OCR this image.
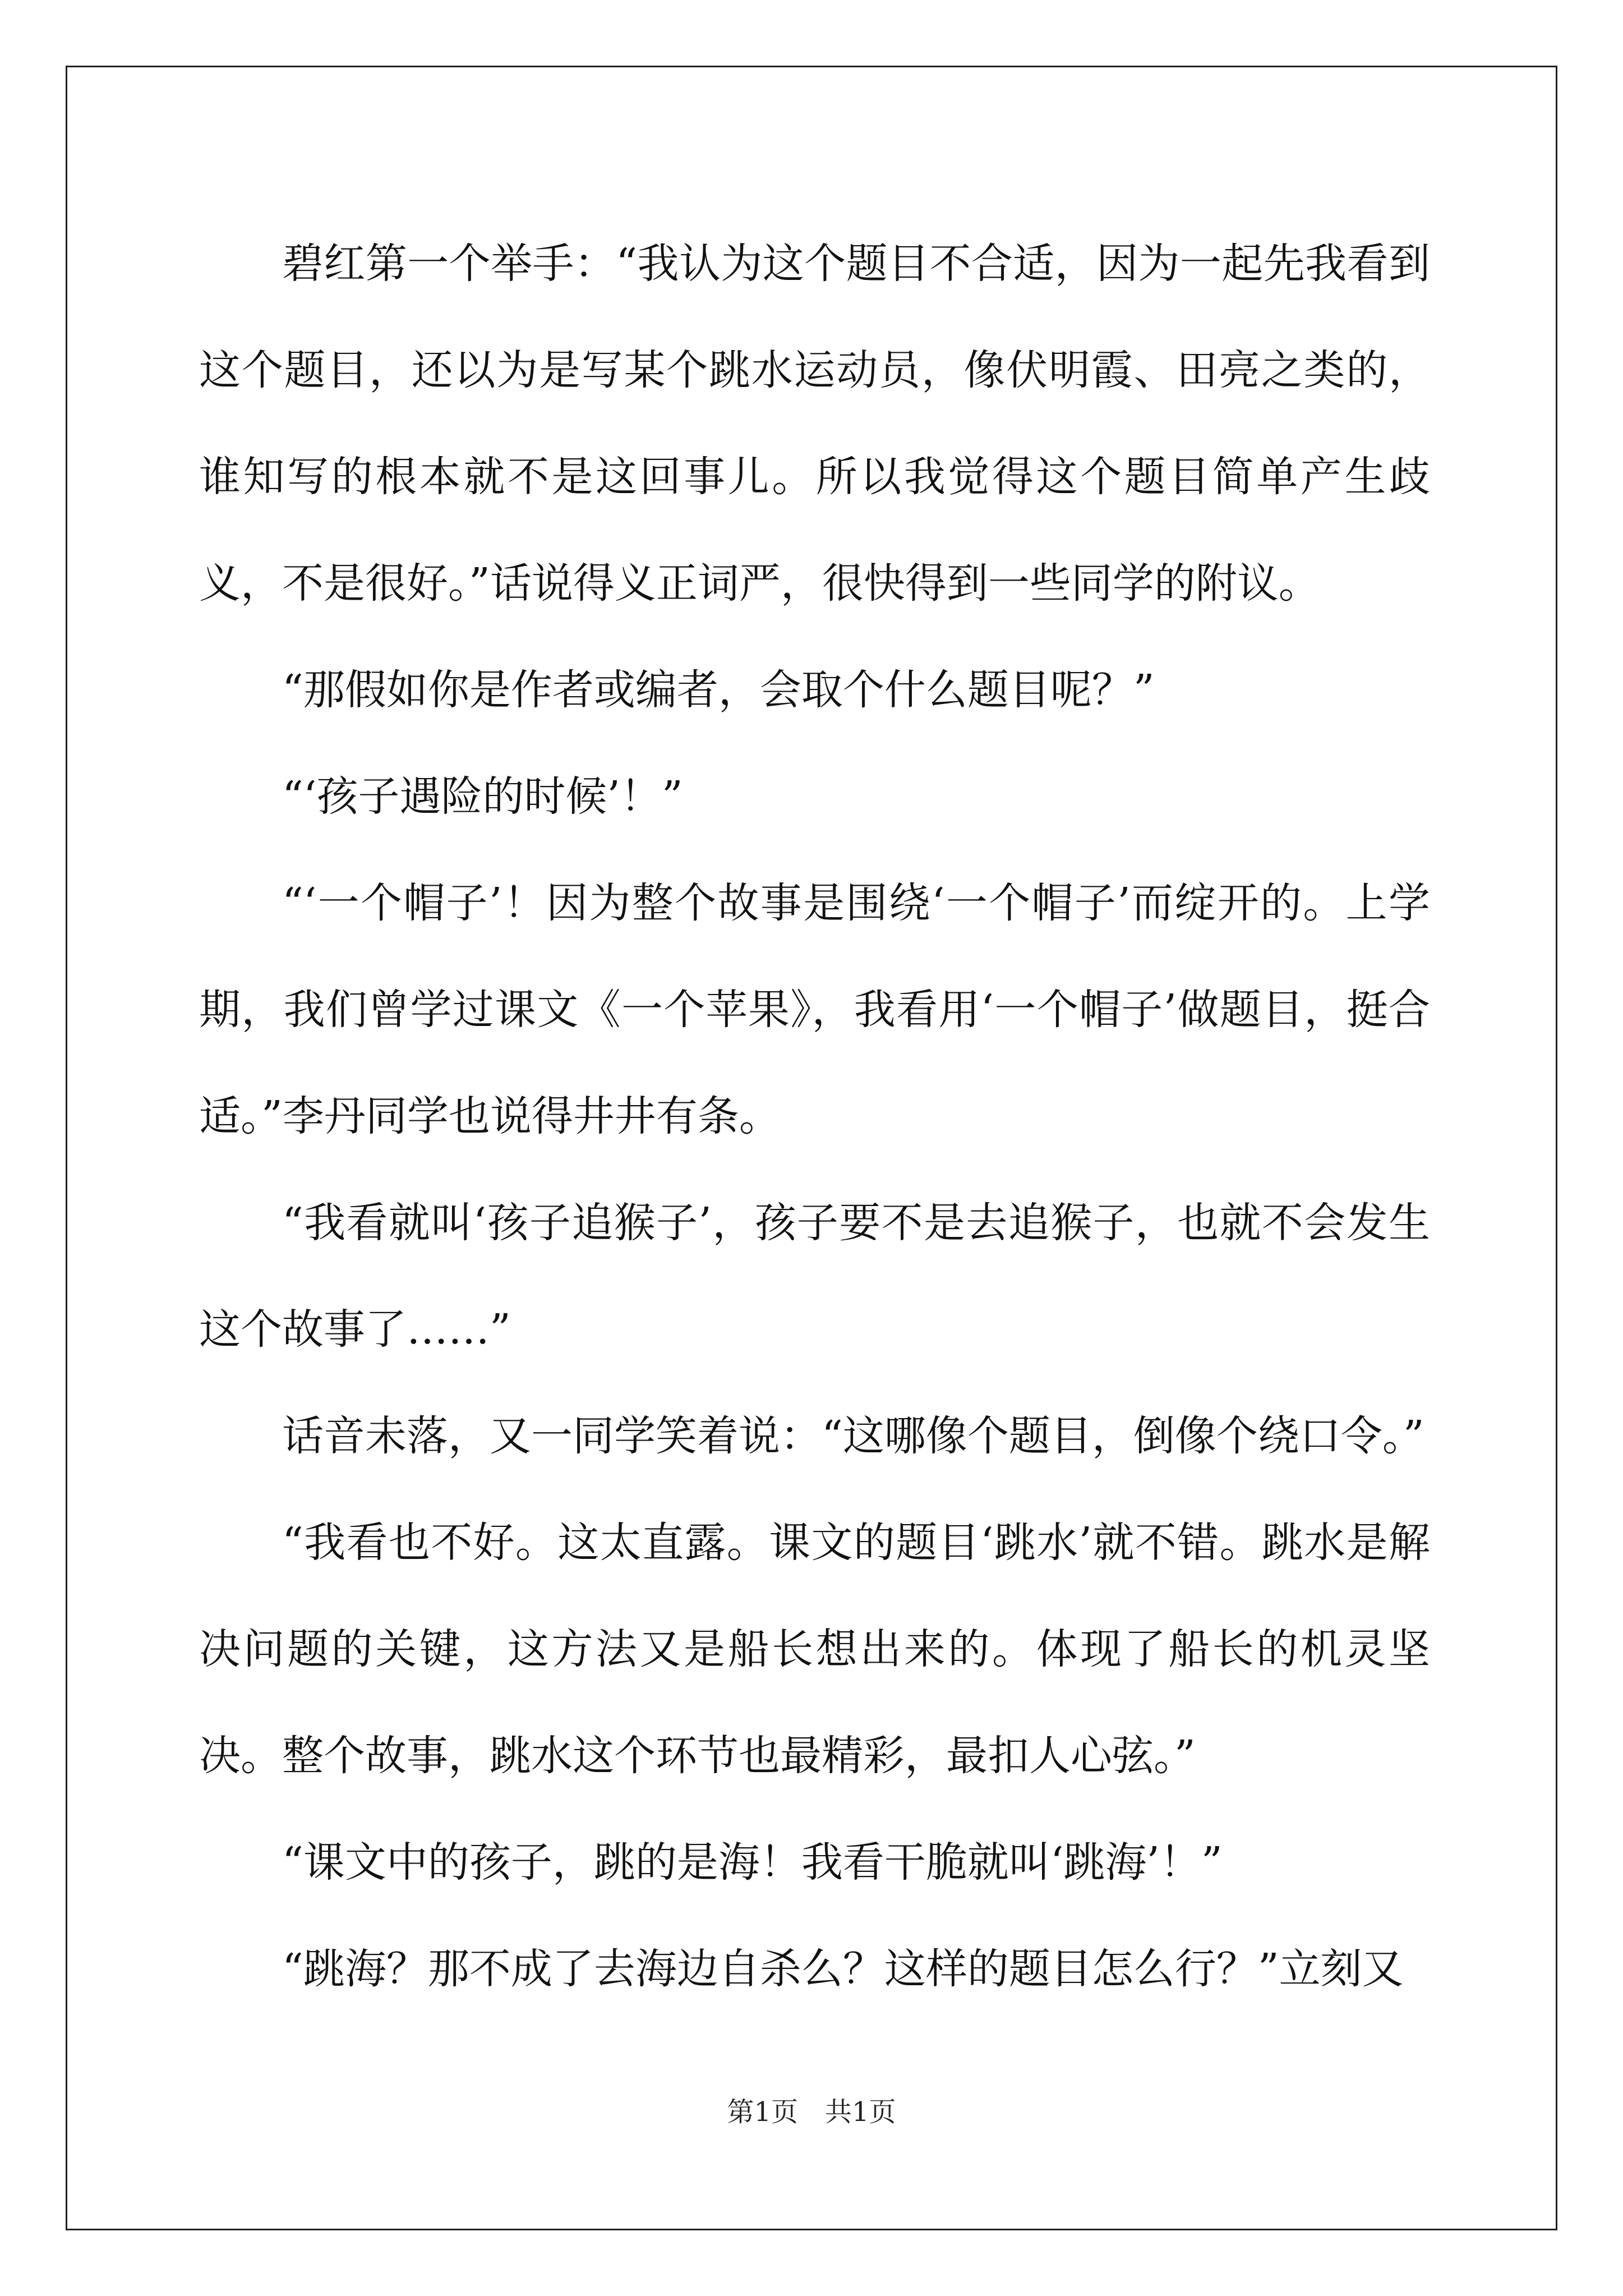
碧红第一个举手：“我认为这个题目不合适，因为一起先我看到这个题目，还以为是写某个跳水运动员，像伏明霞、田亮之类的，谁知写的根本就不是这回事儿。所以我觉得这个题目简单产生歧义，不是很好。”话说得义正词严，很快得到一些同学的附议。

“那假如你是作者或编者，会取个什么题目呢？”

“‘孩子遇险的时候’！”

“‘一个帽子’！因为整个故事是围绕‘一个帽子’而绽开的。上学期，我们曾学过课文《一个苹果》，我看用‘一个帽子’做题目，挺合适。”李丹同学也说得井井有条。

“我看就叫‘孩子追猴子’，孩子要不是去追猴子，也就不会发生这个故事了……”

话音未落，又一同学笑着说：“这哪像个题目，倒像个绕口令。”

“我看也不好。这太直露。课文的题目‘跳水’就不错。跳水是解决问题的关键，这方法又是船长想出来的。体现了船长的机灵坚决。整个故事，跳水这个环节也最精彩，最扣人心弦。”

“课文中的孩子，跳的是海！我看干脆就叫‘跳海’！”

“跳海？那不成了去海边自杀么？这样的题目怎么行？”立刻又

第1页　共1页
